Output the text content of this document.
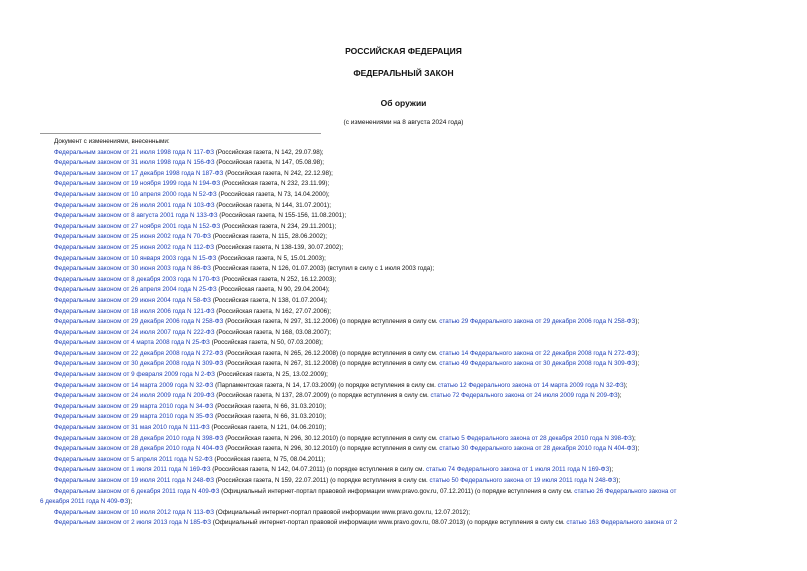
РОССИЙСКАЯ ФЕДЕРАЦИЯ
ФЕДЕРАЛЬНЫЙ ЗАКОН
Об оружии
(с изменениями на 8 августа 2024 года)
Документ с изменениями, внесенными:
Федеральным законом от 21 июля 1998 года N 117-ФЗ (Российская газета, N 142, 29.07.98);
Федеральным законом от 31 июля 1998 года N 156-ФЗ (Российская газета, N 147, 05.08.98);
Федеральным законом от 17 декабря 1998 года N 187-ФЗ (Российская газета, N 242, 22.12.98);
Федеральным законом от 19 ноября 1999 года N 194-ФЗ (Российская газета, N 232, 23.11.99);
Федеральным законом от 10 апреля 2000 года N 52-ФЗ (Российская газета, N 73, 14.04.2000);
Федеральным законом от 26 июля 2001 года N 103-ФЗ (Российская газета, N 144, 31.07.2001);
Федеральным законом от 8 августа 2001 года N 133-ФЗ (Российская газета, N 155-156, 11.08.2001);
Федеральным законом от 27 ноября 2001 года N 152-ФЗ (Российская газета, N 234, 29.11.2001);
Федеральным законом от 25 июня 2002 года N 70-ФЗ (Российская газета, N 115, 28.06.2002);
Федеральным законом от 25 июня 2002 года N 112-ФЗ (Российская газета, N 138-139, 30.07.2002);
Федеральным законом от 10 января 2003 года N 15-ФЗ (Российская газета, N 5, 15.01.2003);
Федеральным законом от 30 июня 2003 года N 86-ФЗ (Российская газета, N 126, 01.07.2003) (вступил в силу с 1 июля 2003 года);
Федеральным законом от 8 декабря 2003 года N 170-ФЗ (Российская газета, N 252, 16.12.2003);
Федеральным законом от 26 апреля 2004 года N 25-ФЗ (Российская газета, N 90, 29.04.2004);
Федеральным законом от 29 июня 2004 года N 58-ФЗ (Российская газета, N 138, 01.07.2004);
Федеральным законом от 18 июля 2006 года N 121-ФЗ (Российская газета, N 162, 27.07.2006);
Федеральным законом от 29 декабря 2006 года N 258-ФЗ (Российская газета, N 297, 31.12.2006) (о порядке вступления в силу см. статью 29 Федерального закона от 29 декабря 2006 года N 258-ФЗ);
Федеральным законом от 24 июля 2007 года N 222-ФЗ (Российская газета, N 168, 03.08.2007);
Федеральным законом от 4 марта 2008 года N 25-ФЗ (Российская газета, N 50, 07.03.2008);
Федеральным законом от 22 декабря 2008 года N 272-ФЗ (Российская газета, N 265, 26.12.2008) (о порядке вступления в силу см. статью 14 Федерального закона от 22 декабря 2008 года N 272-ФЗ);
Федеральным законом от 30 декабря 2008 года N 309-ФЗ (Российская газета, N 267, 31.12.2008) (о порядке вступления в силу см. статью 49 Федерального закона от 30 декабря 2008 года N 309-ФЗ);
Федеральным законом от 9 февраля 2009 года N 2-ФЗ (Российская газета, N 25, 13.02.2009);
Федеральным законом от 14 марта 2009 года N 32-ФЗ (Парламентская газета, N 14, 17.03.2009) (о порядке вступления в силу см. статью 12 Федерального закона от 14 марта 2009 года N 32-ФЗ);
Федеральным законом от 24 июля 2009 года N 209-ФЗ (Российская газета, N 137, 28.07.2009) (о порядке вступления в силу см. статью 72 Федерального закона от 24 июля 2009 года N 209-ФЗ);
Федеральным законом от 29 марта 2010 года N 34-ФЗ (Российская газета, N 66, 31.03.2010);
Федеральным законом от 29 марта 2010 года N 35-ФЗ (Российская газета, N 66, 31.03.2010);
Федеральным законом от 31 мая 2010 года N 111-ФЗ (Российская газета, N 121, 04.06.2010);
Федеральным законом от 28 декабря 2010 года N 398-ФЗ (Российская газета, N 296, 30.12.2010) (о порядке вступления в силу см. статью 5 Федерального закона от 28 декабря 2010 года N 398-ФЗ);
Федеральным законом от 28 декабря 2010 года N 404-ФЗ (Российская газета, N 296, 30.12.2010) (о порядке вступления в силу см. статью 30 Федерального закона от 28 декабря 2010 года N 404-ФЗ);
Федеральным законом от 5 апреля 2011 года N 52-ФЗ (Российская газета, N 75, 08.04.2011);
Федеральным законом от 1 июля 2011 года N 169-ФЗ (Российская газета, N 142, 04.07.2011) (о порядке вступления в силу см. статью 74 Федерального закона от 1 июля 2011 года N 169-ФЗ);
Федеральным законом от 19 июля 2011 года N 248-ФЗ (Российская газета, N 159, 22.07.2011) (о порядке вступления в силу см. статью 50 Федерального закона от 19 июля 2011 года N 248-ФЗ);
Федеральным законом от 6 декабря 2011 года N 409-ФЗ (Официальный интернет-портал правовой информации www.pravo.gov.ru, 07.12.2011) (о порядке вступления в силу см. статью 26 Федерального закона от
6 декабря 2011 года N 409-ФЗ);
Федеральным законом от 10 июля 2012 года N 113-ФЗ (Официальный интернет-портал правовой информации www.pravo.gov.ru, 12.07.2012);
Федеральным законом от 2 июля 2013 года N 185-ФЗ (Официальный интернет-портал правовой информации www.pravo.gov.ru, 08.07.2013) (о порядке вступления в силу см. статью 163 Федерального закона от 2
